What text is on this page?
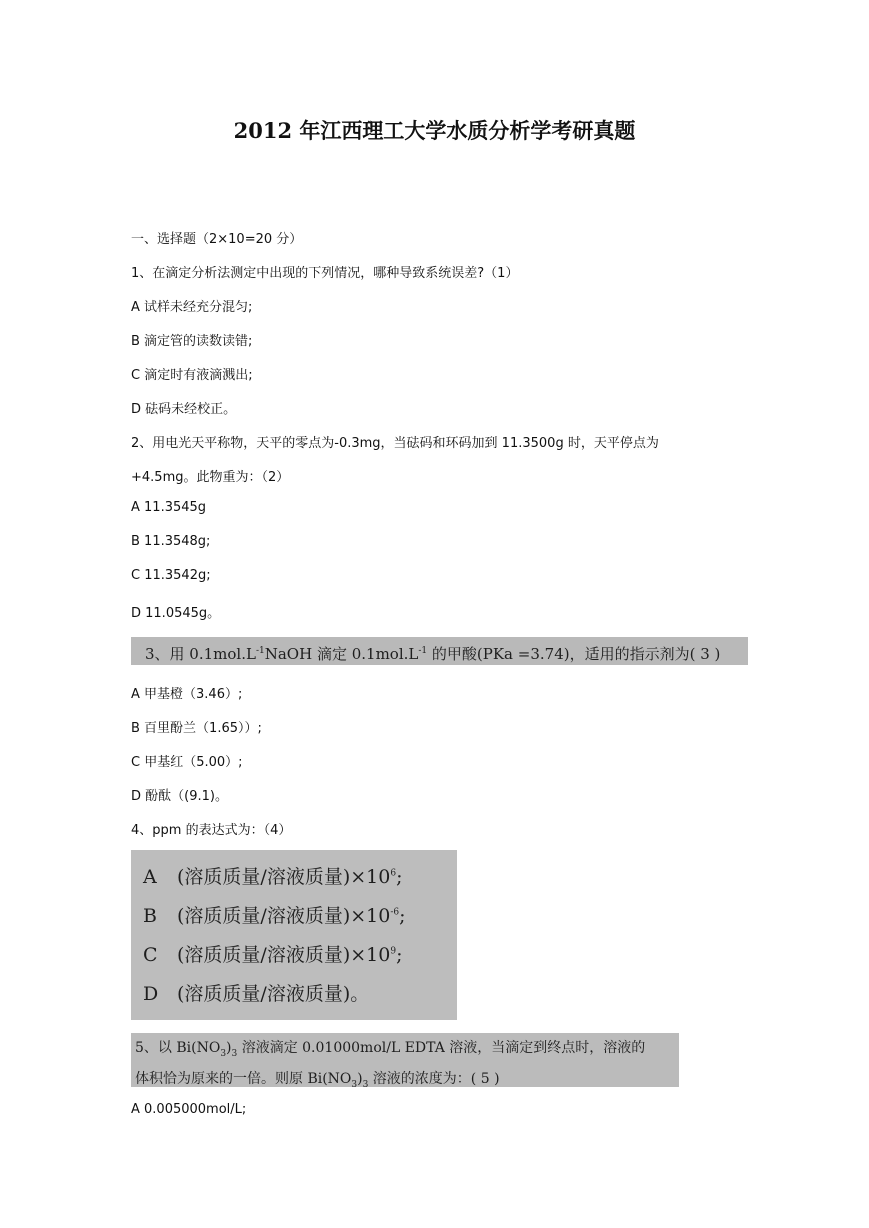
2012 年江西理工大学水质分析学考研真题
一、选择题（2×10=20 分）
1、在滴定分析法测定中出现的下列情况，哪种导致系统误差?（1）
A 试样未经充分混匀;
B 滴定管的读数读错;
C 滴定时有液滴溅出;
D 砝码未经校正。
2、用电光天平称物，天平的零点为-0.3mg，当砝码和环码加到 11.3500g 时，天平停点为
+4.5mg。此物重为：（2）
A 11.3545g
B 11.3548g;
C 11.3542g;
D 11.0545g。
3、用 $0.1mol.L^{-1}NaOH$ 滴定 $0.1mol.L^{-1}$ 的甲酸(PKa =3.74)，适用的指示剂为( 3 )
A 甲基橙（3.46）;
B 百里酚兰（1.65））;
C 甲基红（5.00）;
D 酚酞（(9.1)。
4、ppm 的表达式为：（4）
A (溶质质量/溶液质量)$\times 10^6$;
B (溶质质量/溶液质量)$\times 10^{-6}$;
C (溶质质量/溶液质量)$\times 10^9$;
D (溶质质量/溶液质量)。
5、以 $Bi(NO_3)_3$ 溶液滴定 0.01000mol/L EDTA 溶液，当滴定到终点时，溶液的
体积恰为原来的一倍。则原 $Bi(NO_3)_3$ 溶液的浓度为：( 5 )
A 0.005000mol/L;
